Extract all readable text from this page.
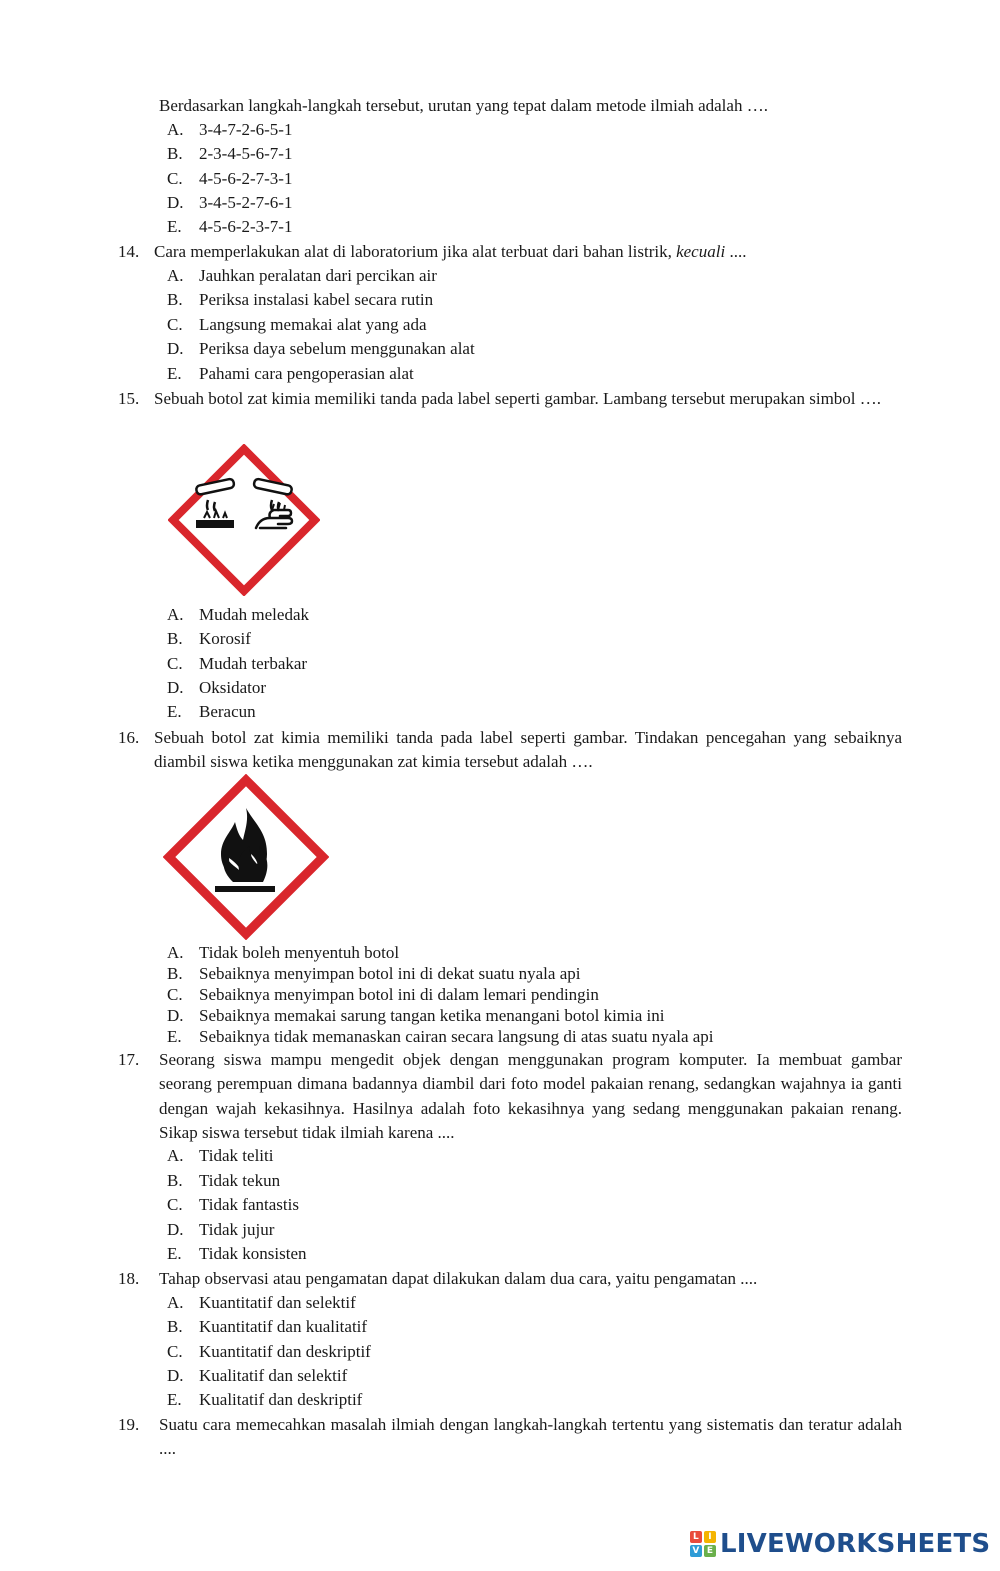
Berdasarkan langkah-langkah tersebut, urutan yang tepat dalam metode ilmiah adalah ….
A. 3-4-7-2-6-5-1
B. 2-3-4-5-6-7-1
C. 4-5-6-2-7-3-1
D. 3-4-5-2-7-6-1
E. 4-5-6-2-3-7-1
14. Cara memperlakukan alat di laboratorium jika alat terbuat dari bahan listrik, kecuali ....
A. Jauhkan peralatan dari percikan air
B. Periksa instalasi kabel secara rutin
C. Langsung memakai alat yang ada
D. Periksa daya sebelum menggunakan alat
E. Pahami cara pengoperasian alat
15. Sebuah botol zat kimia memiliki tanda pada label seperti gambar. Lambang tersebut merupakan simbol ….
A. Mudah meledak
B. Korosif
C. Mudah terbakar
D. Oksidator
E. Beracun
16. Sebuah botol zat kimia memiliki tanda pada label seperti gambar. Tindakan pencegahan yang sebaiknya diambil siswa ketika menggunakan zat kimia tersebut adalah ….
A. Tidak boleh menyentuh botol
B. Sebaiknya menyimpan botol ini di dekat suatu nyala api
C. Sebaiknya menyimpan botol ini di dalam lemari pendingin
D. Sebaiknya memakai sarung tangan ketika menangani botol kimia ini
E. Sebaiknya tidak memanaskan cairan secara langsung di atas suatu nyala api
17.	Seorang siswa mampu mengedit objek dengan menggunakan program komputer. Ia membuat gambar seorang perempuan dimana badannya diambil dari foto model pakaian renang, sedangkan wajahnya ia ganti dengan wajah kekasihnya. Hasilnya adalah foto kekasihnya yang sedang menggunakan pakaian renang. Sikap siswa tersebut tidak ilmiah karena ....
A. Tidak teliti
B. Tidak tekun
C. Tidak fantastis
D. Tidak jujur
E. Tidak konsisten
18.	Tahap observasi atau pengamatan dapat dilakukan dalam dua cara, yaitu pengamatan ....
A. Kuantitatif dan selektif
B. Kuantitatif dan kualitatif
C. Kuantitatif dan deskriptif
D. Kualitatif dan selektif
E. Kualitatif dan deskriptif
19.	Suatu cara memecahkan masalah ilmiah dengan langkah-langkah tertentu yang sistematis dan teratur adalah ....
L	I
V E LIVEWORKSHEETS
